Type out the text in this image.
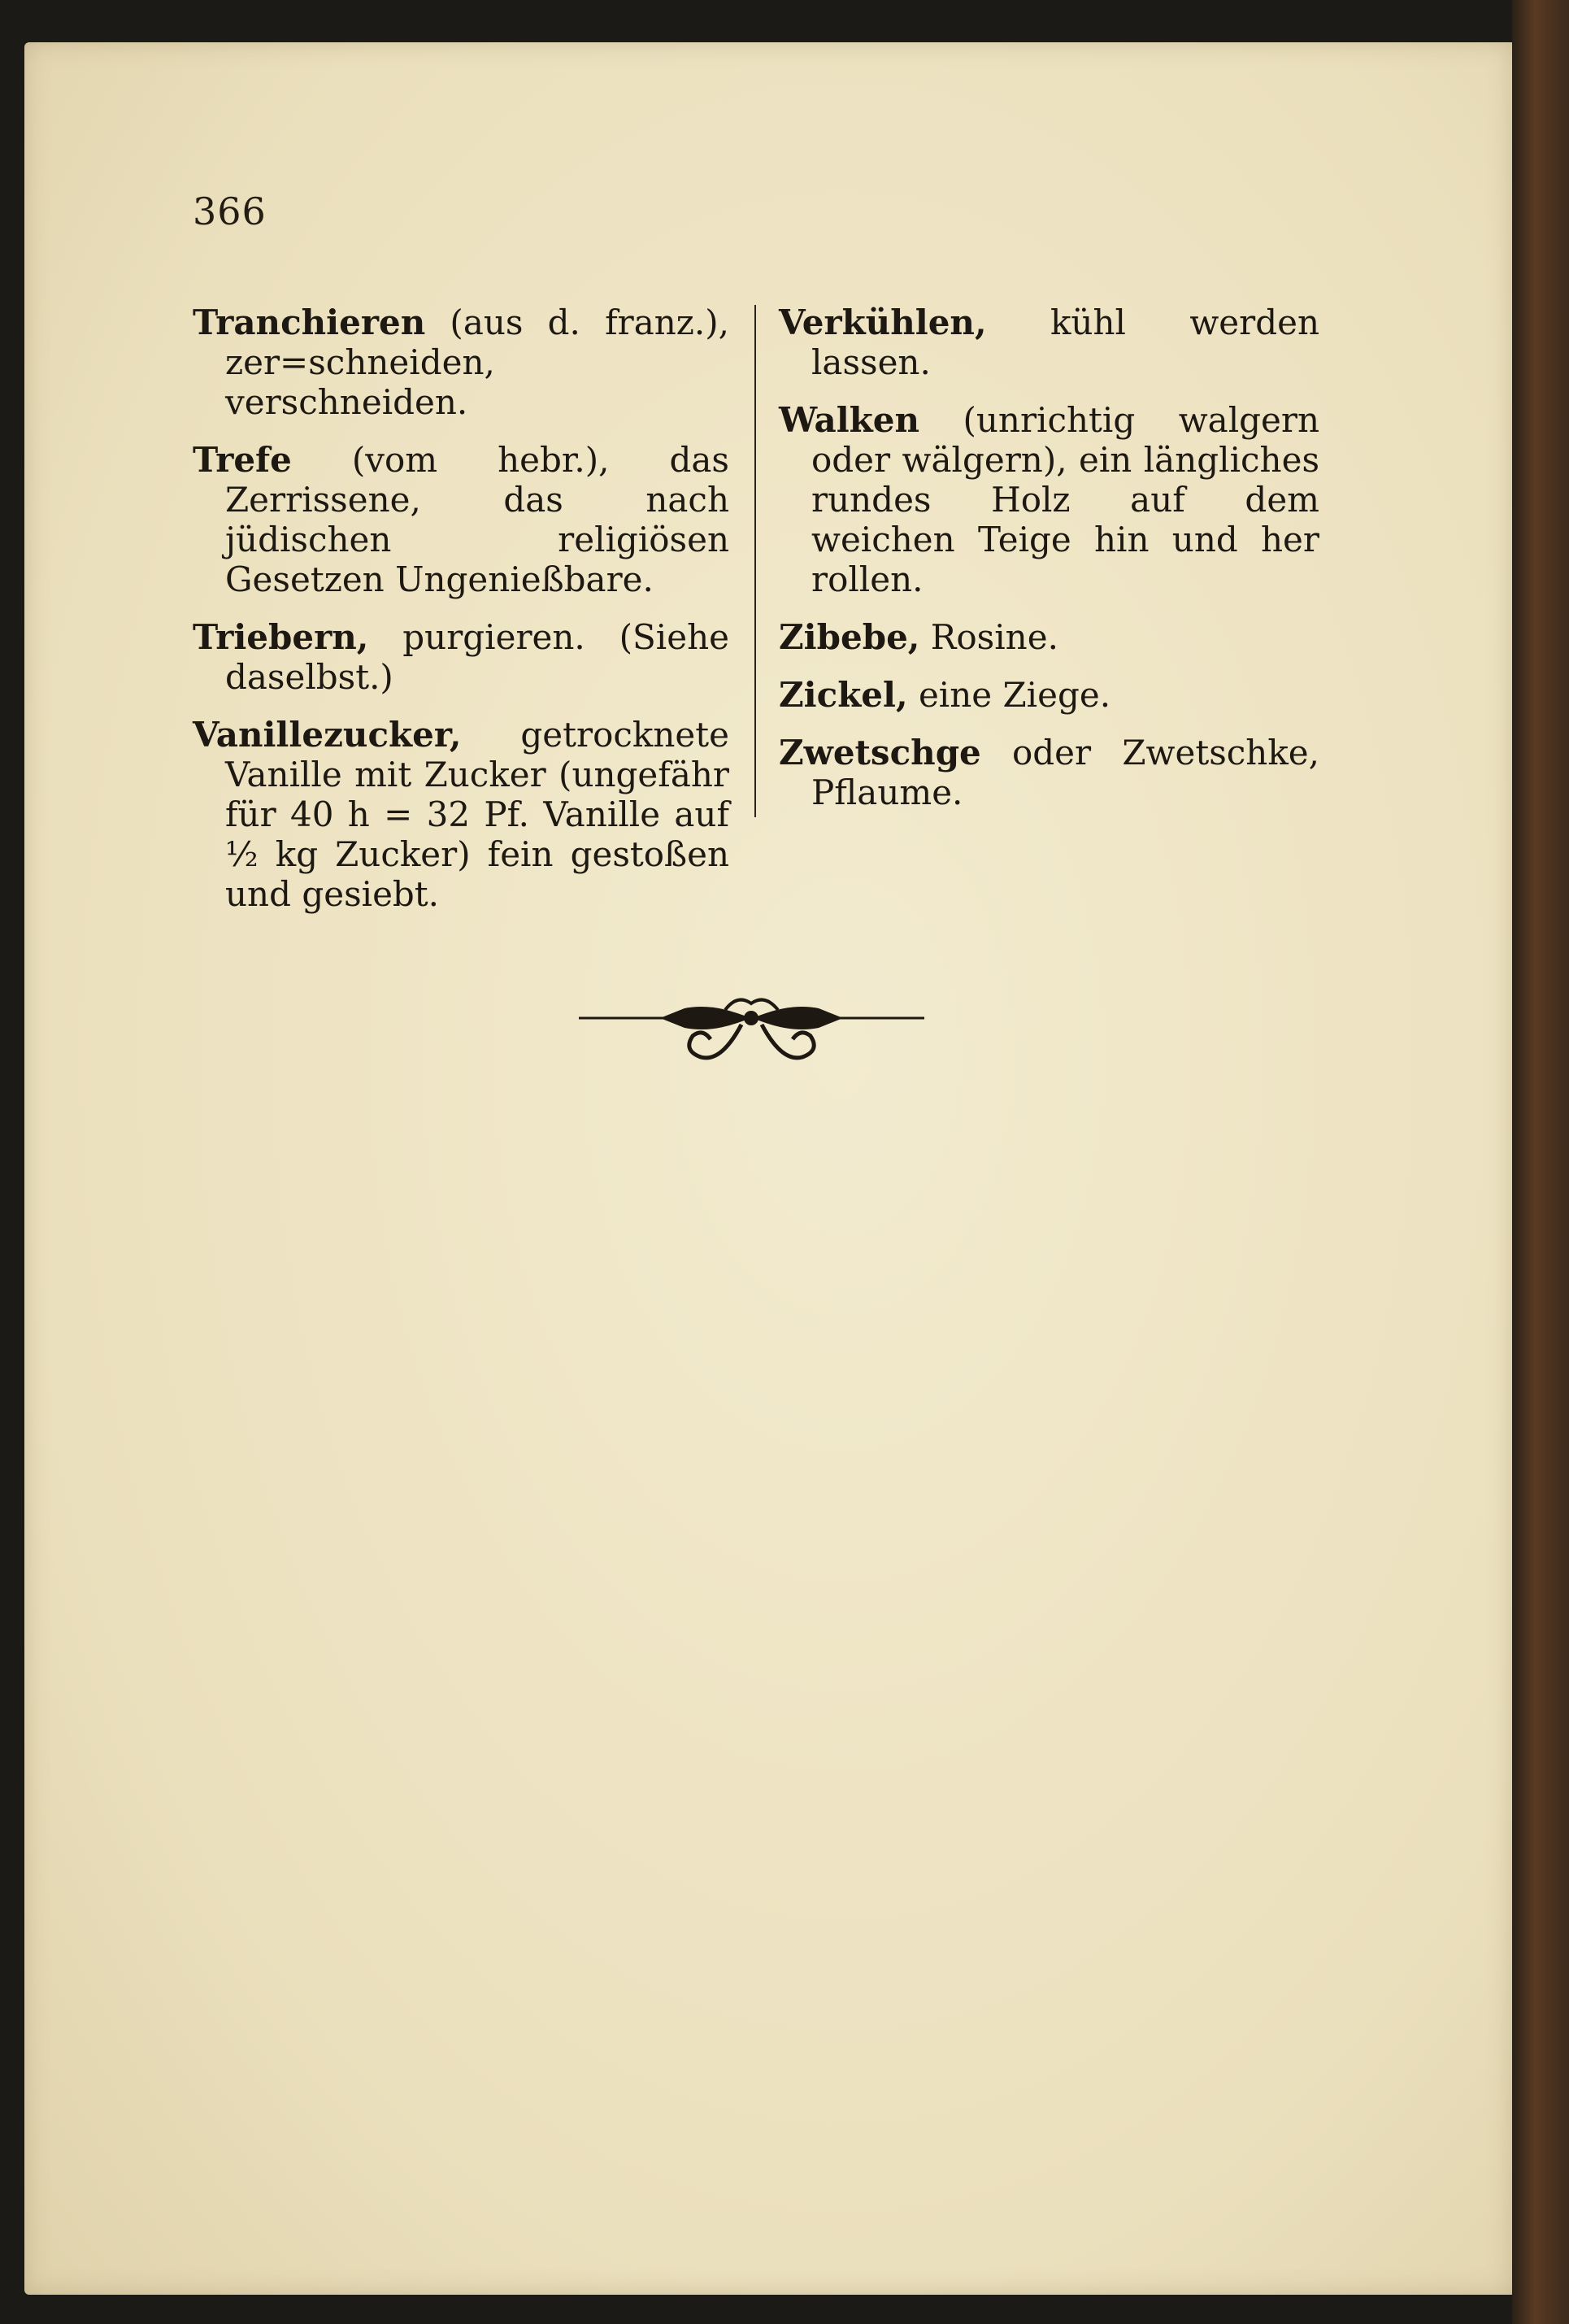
366

Tranchieren (aus d. franz.), zer=schneiden, verschneiden.

Trefe (vom hebr.), das Zerrissene, das nach jüdischen religiösen Gesetzen Ungenießbare.

Triebern, purgieren. (Siehe daselbst.)

Vanillezucker, getrocknete Vanille mit Zucker (ungefähr für 40 h = 32 Pf. Vanille auf ½ kg Zucker) fein gestoßen und gesiebt.

Verkühlen, kühl werden lassen.

Walken (unrichtig walgern oder wälgern), ein längliches rundes Holz auf dem weichen Teige hin und her rollen.

Zibebe, Rosine.

Zickel, eine Ziege.

Zwetschge oder Zwetschke, Pflaume.
